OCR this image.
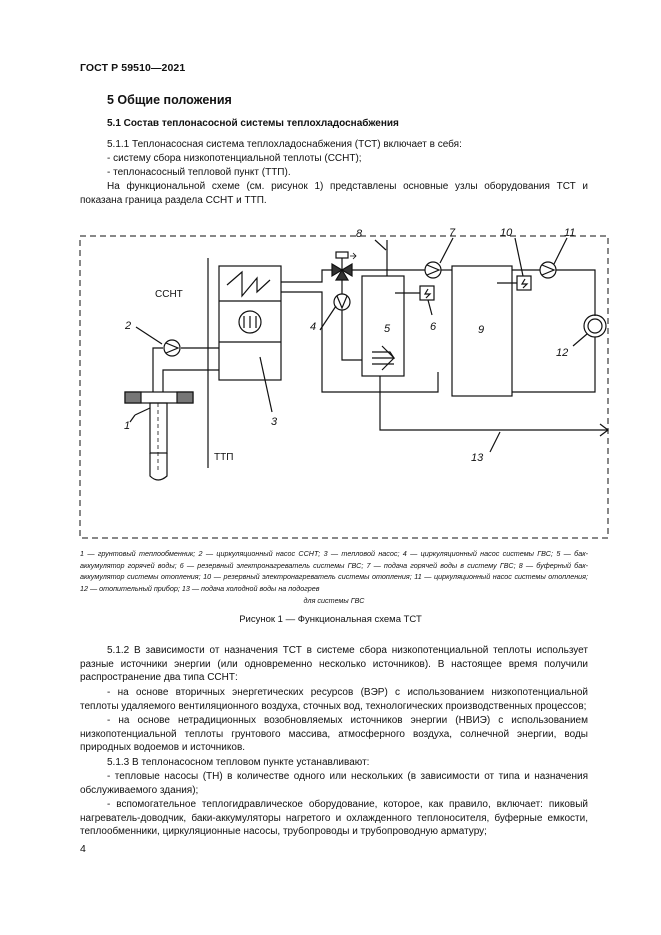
ГОСТ Р 59510—2021
5 Общие положения
5.1 Состав теплонасосной системы теплохладоснабжения
5.1.1 Теплонасосная система теплохладоснабжения (ТСТ) включает в себя:
- систему сбора низкопотенциальной теплоты (ССНТ);
- теплонасосный тепловой пункт (ТТП).
На функциональной схеме (см. рисунок 1) представлены основные узлы оборудования ТСТ и показана граница раздела ССНТ и ТТП.
ССНТ
ТТП
1
2
3
4	5	6
7
8
9
10	11
12
13
1 — грунтовый теплообменник; 2 — циркуляционный насос ССНТ; 3 — тепловой насос; 4 — циркуляционный насос системы ГВС; 5 — бак-аккумулятор горячей воды; 6 — резервный электронагреватель системы ГВС; 7 — подача горячей воды в систему ГВС; 8 — буферный бак-аккумулятор системы отопления; 10 — резервный электронагреватель системы отопления; 11 — циркуляционный насос системы отопления; 12 — отопительный прибор; 13 — подача холодной воды на подогрев
для системы ГВС
Рисунок 1 — Функциональная схема ТСТ
5.1.2 В зависимости от назначения ТСТ в системе сбора низкопотенциальной теплоты использует разные источники энергии (или одновременно несколько источников). В настоящее время получили распространение два типа ССНТ:
- на основе вторичных энергетических ресурсов (ВЭР) с использованием низкопотенциальной теплоты удаляемого вентиляционного воздуха, сточных вод, технологических производственных процессов;
- на основе нетрадиционных возобновляемых источников энергии (НВИЭ) с использованием низкопотенциальной теплоты грунтового массива, атмосферного воздуха, солнечной энергии, воды природных водоемов и источников.
5.1.3 В теплонасосном тепловом пункте устанавливают:
- тепловые насосы (ТН) в количестве одного или нескольких (в зависимости от типа и назначения обслуживаемого здания);
- вспомогательное теплогидравлическое оборудование, которое, как правило, включает: пиковый нагреватель-доводчик, баки-аккумуляторы нагретого и охлажденного теплоносителя, буферные емкости, теплообменники, циркуляционные насосы, трубопроводы и трубопроводную арматуру;
4
